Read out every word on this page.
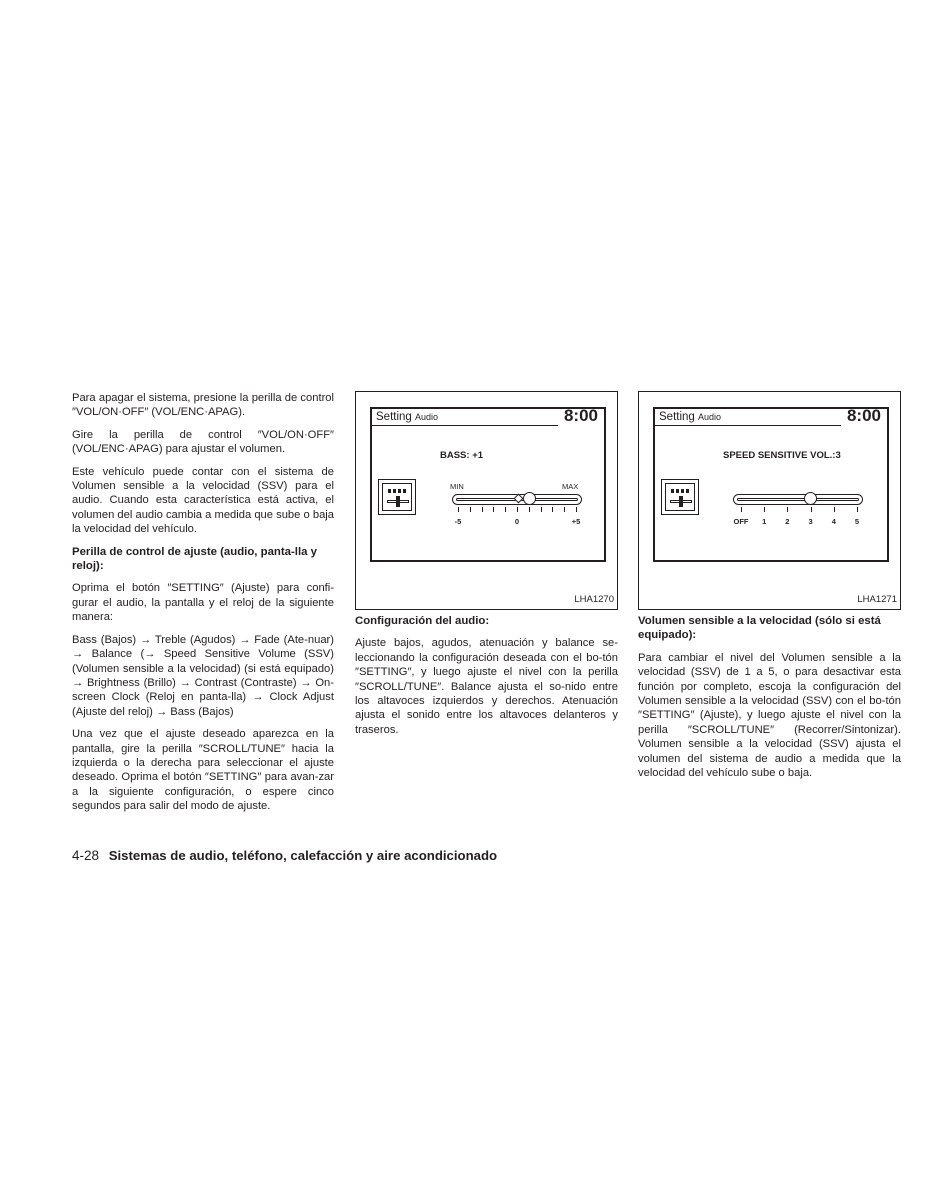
Para apagar el sistema, presione la perilla de control ″VOL/ON·OFF″ (VOL/ENC·APAG).

Gire la perilla de control ″VOL/ON·OFF″ (VOL/ENC·APAG) para ajustar el volumen.

Este vehículo puede contar con el sistema de Volumen sensible a la velocidad (SSV) para el audio. Cuando esta característica está activa, el volumen del audio cambia a medida que sube o baja la velocidad del vehículo.

Perilla de control de ajuste (audio, panta-lla y reloj):

Oprima el botón ″SETTING″ (Ajuste) para confi-gurar el audio, la pantalla y el reloj de la siguiente manera:

Bass (Bajos) → Treble (Agudos) → Fade (Ate-nuar) → Balance (→ Speed Sensitive Volume (SSV) (Volumen sensible a la velocidad) (si está equipado) → Brightness (Brillo) → Contrast (Contraste) → On-screen Clock (Reloj en panta-lla) → Clock Adjust (Ajuste del reloj) → Bass (Bajos)

Una vez que el ajuste deseado aparezca en la pantalla, gire la perilla ″SCROLL/TUNE″ hacia la izquierda o la derecha para seleccionar el ajuste deseado. Oprima el botón ″SETTING″ para avan-zar a la siguiente configuración, o espere cinco segundos para salir del modo de ajuste.

Setting Audio	8:00
BASS: +1
MIN	MAX
-5	0	+5
LHA1270
Configuración del audio:

Ajuste bajos, agudos, atenuación y balance se-leccionando la configuración deseada con el bo-tón ″SETTING″, y luego ajuste el nivel con la perilla ″SCROLL/TUNE″. Balance ajusta el so-nido entre los altavoces izquierdos y derechos. Atenuación ajusta el sonido entre los altavoces delanteros y traseros.

Setting Audio	8:00
SPEED SENSITIVE VOL.:3
OFF 1	2	3	4	5
LHA1271
Volumen sensible a la velocidad (sólo si está equipado):

Para cambiar el nivel del Volumen sensible a la velocidad (SSV) de 1 a 5, o para desactivar esta función por completo, escoja la configuración del Volumen sensible a la velocidad (SSV) con el bo-tón ″SETTING″ (Ajuste), y luego ajuste el nivel con la perilla ″SCROLL/TUNE″ (Recorrer/Sintonizar). Volumen sensible a la velocidad (SSV) ajusta el volumen del sistema de audio a medida que la velocidad del vehículo sube o baja.

4-28 Sistemas de audio, teléfono, calefacción y aire acondicionado
